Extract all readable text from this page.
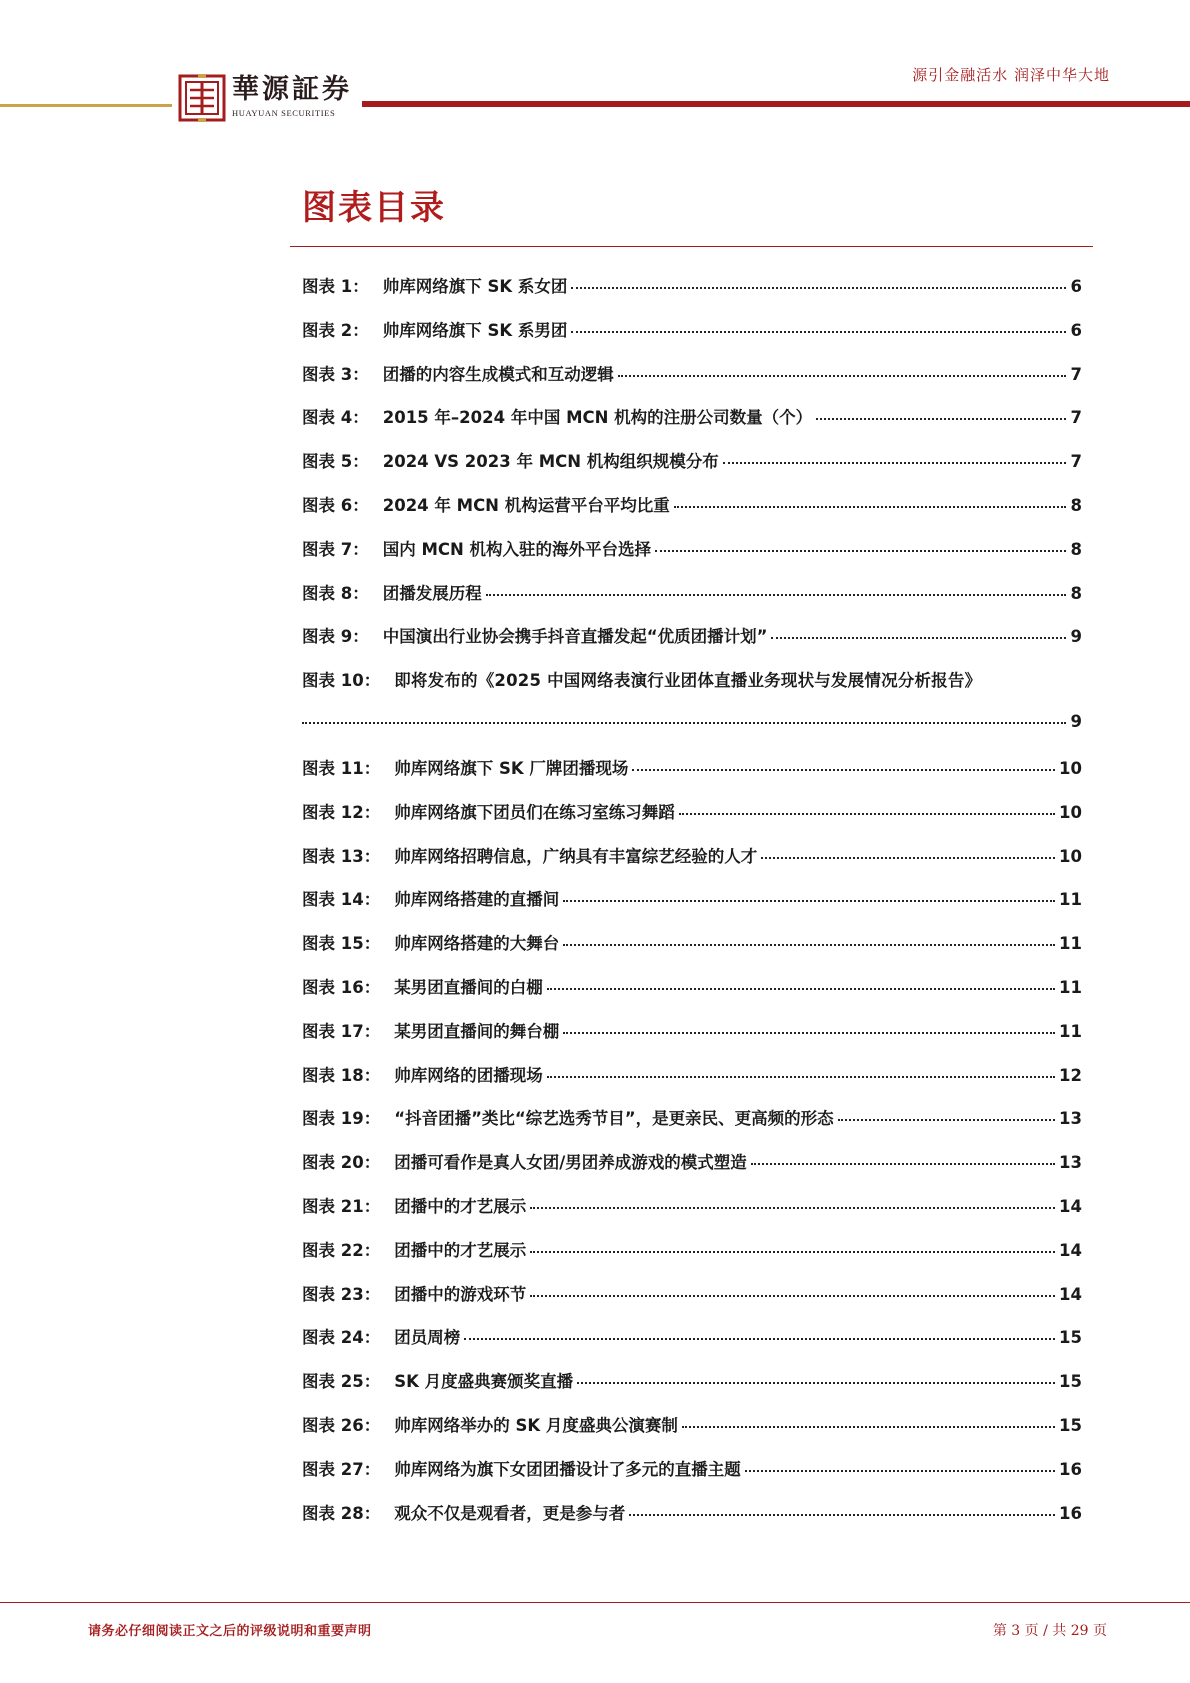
華源証券
HUAYUAN SECURITIES
源引金融活水 润泽中华大地
图表目录
图表 1： 帅库网络旗下 SK 系女团	6
图表 2： 帅库网络旗下 SK 系男团	6
图表 3： 团播的内容生成模式和互动逻辑	7
图表 4： 2015 年–2024 年中国 MCN 机构的注册公司数量（个）	7
图表 5： 2024 VS 2023 年 MCN 机构组织规模分布	7
图表 6： 2024 年 MCN 机构运营平台平均比重	8
图表 7： 国内 MCN 机构入驻的海外平台选择	8
图表 8： 团播发展历程	8
图表 9： 中国演出行业协会携手抖音直播发起“优质团播计划”	9
图表 10： 即将发布的《2025 中国网络表演行业团体直播业务现状与发展情况分析报告》
9
图表 11： 帅库网络旗下 SK 厂牌团播现场	10
图表 12： 帅库网络旗下团员们在练习室练习舞蹈	10
图表 13： 帅库网络招聘信息，广纳具有丰富综艺经验的人才	10
图表 14： 帅库网络搭建的直播间	11
图表 15： 帅库网络搭建的大舞台	11
图表 16： 某男团直播间的白棚	11
图表 17： 某男团直播间的舞台棚	11
图表 18： 帅库网络的团播现场	12
图表 19： “抖音团播”类比“综艺选秀节目”，是更亲民、更高频的形态	13
图表 20： 团播可看作是真人女团/男团养成游戏的模式塑造	13
图表 21： 团播中的才艺展示	14
图表 22： 团播中的才艺展示	14
图表 23： 团播中的游戏环节	14
图表 24： 团员周榜	15
图表 25： SK 月度盛典赛颁奖直播	15
图表 26： 帅库网络举办的 SK 月度盛典公演赛制	15
图表 27： 帅库网络为旗下女团团播设计了多元的直播主题	16
图表 28： 观众不仅是观看者，更是参与者	16
请务必仔细阅读正文之后的评级说明和重要声明	第 3 页 / 共 29 页
